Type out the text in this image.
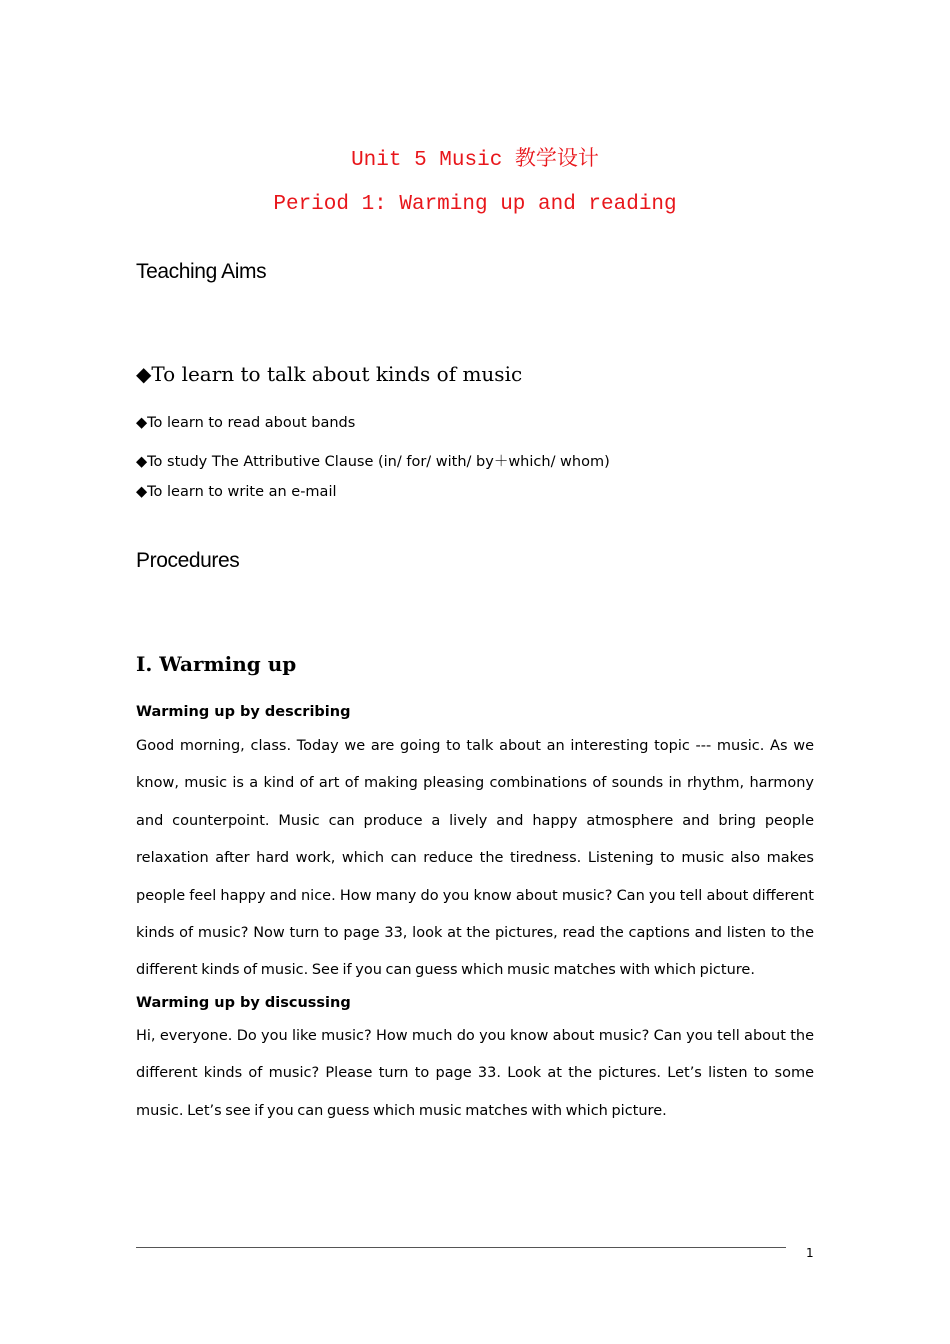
Unit 5 Music 教学设计
Period 1: Warming up and reading
Teaching Aims
◆To learn to talk about kinds of music
◆To learn to read about bands
◆To study The Attributive Clause (in/ for/ with/ by＋which/ whom)
◆To learn to write an e-mail
Procedures
I. Warming up
Warming up by describing
Good morning, class. Today we are going to talk about an interesting topic --- music. As we know, music is a kind of art of making pleasing combinations of sounds in rhythm, harmony and counterpoint. Music can produce a lively and happy atmosphere and bring people relaxation after hard work, which can reduce the tiredness. Listening to music also makes people feel happy and nice. How many do you know about music? Can you tell about different kinds of music? Now turn to page 33, look at the pictures, read the captions and listen to the different kinds of music. See if you can guess which music matches with which picture.
Warming up by discussing
Hi, everyone. Do you like music? How much do you know about music? Can you tell about the different kinds of music? Please turn to page 33. Look at the pictures. Let’s listen to some music. Let’s see if you can guess which music matches with which picture.
1
